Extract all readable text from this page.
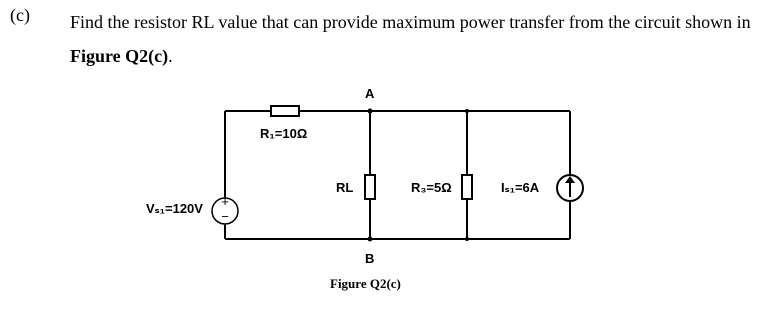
(c) Find the resistor RL value that can provide maximum power transfer from the circuit shown in Figure Q2(c).
+
−
A
B
R₁=10Ω
RL	R₃=5Ω
Vₛ₁=120V
Iₛ₁=6A
Figure Q2(c)
